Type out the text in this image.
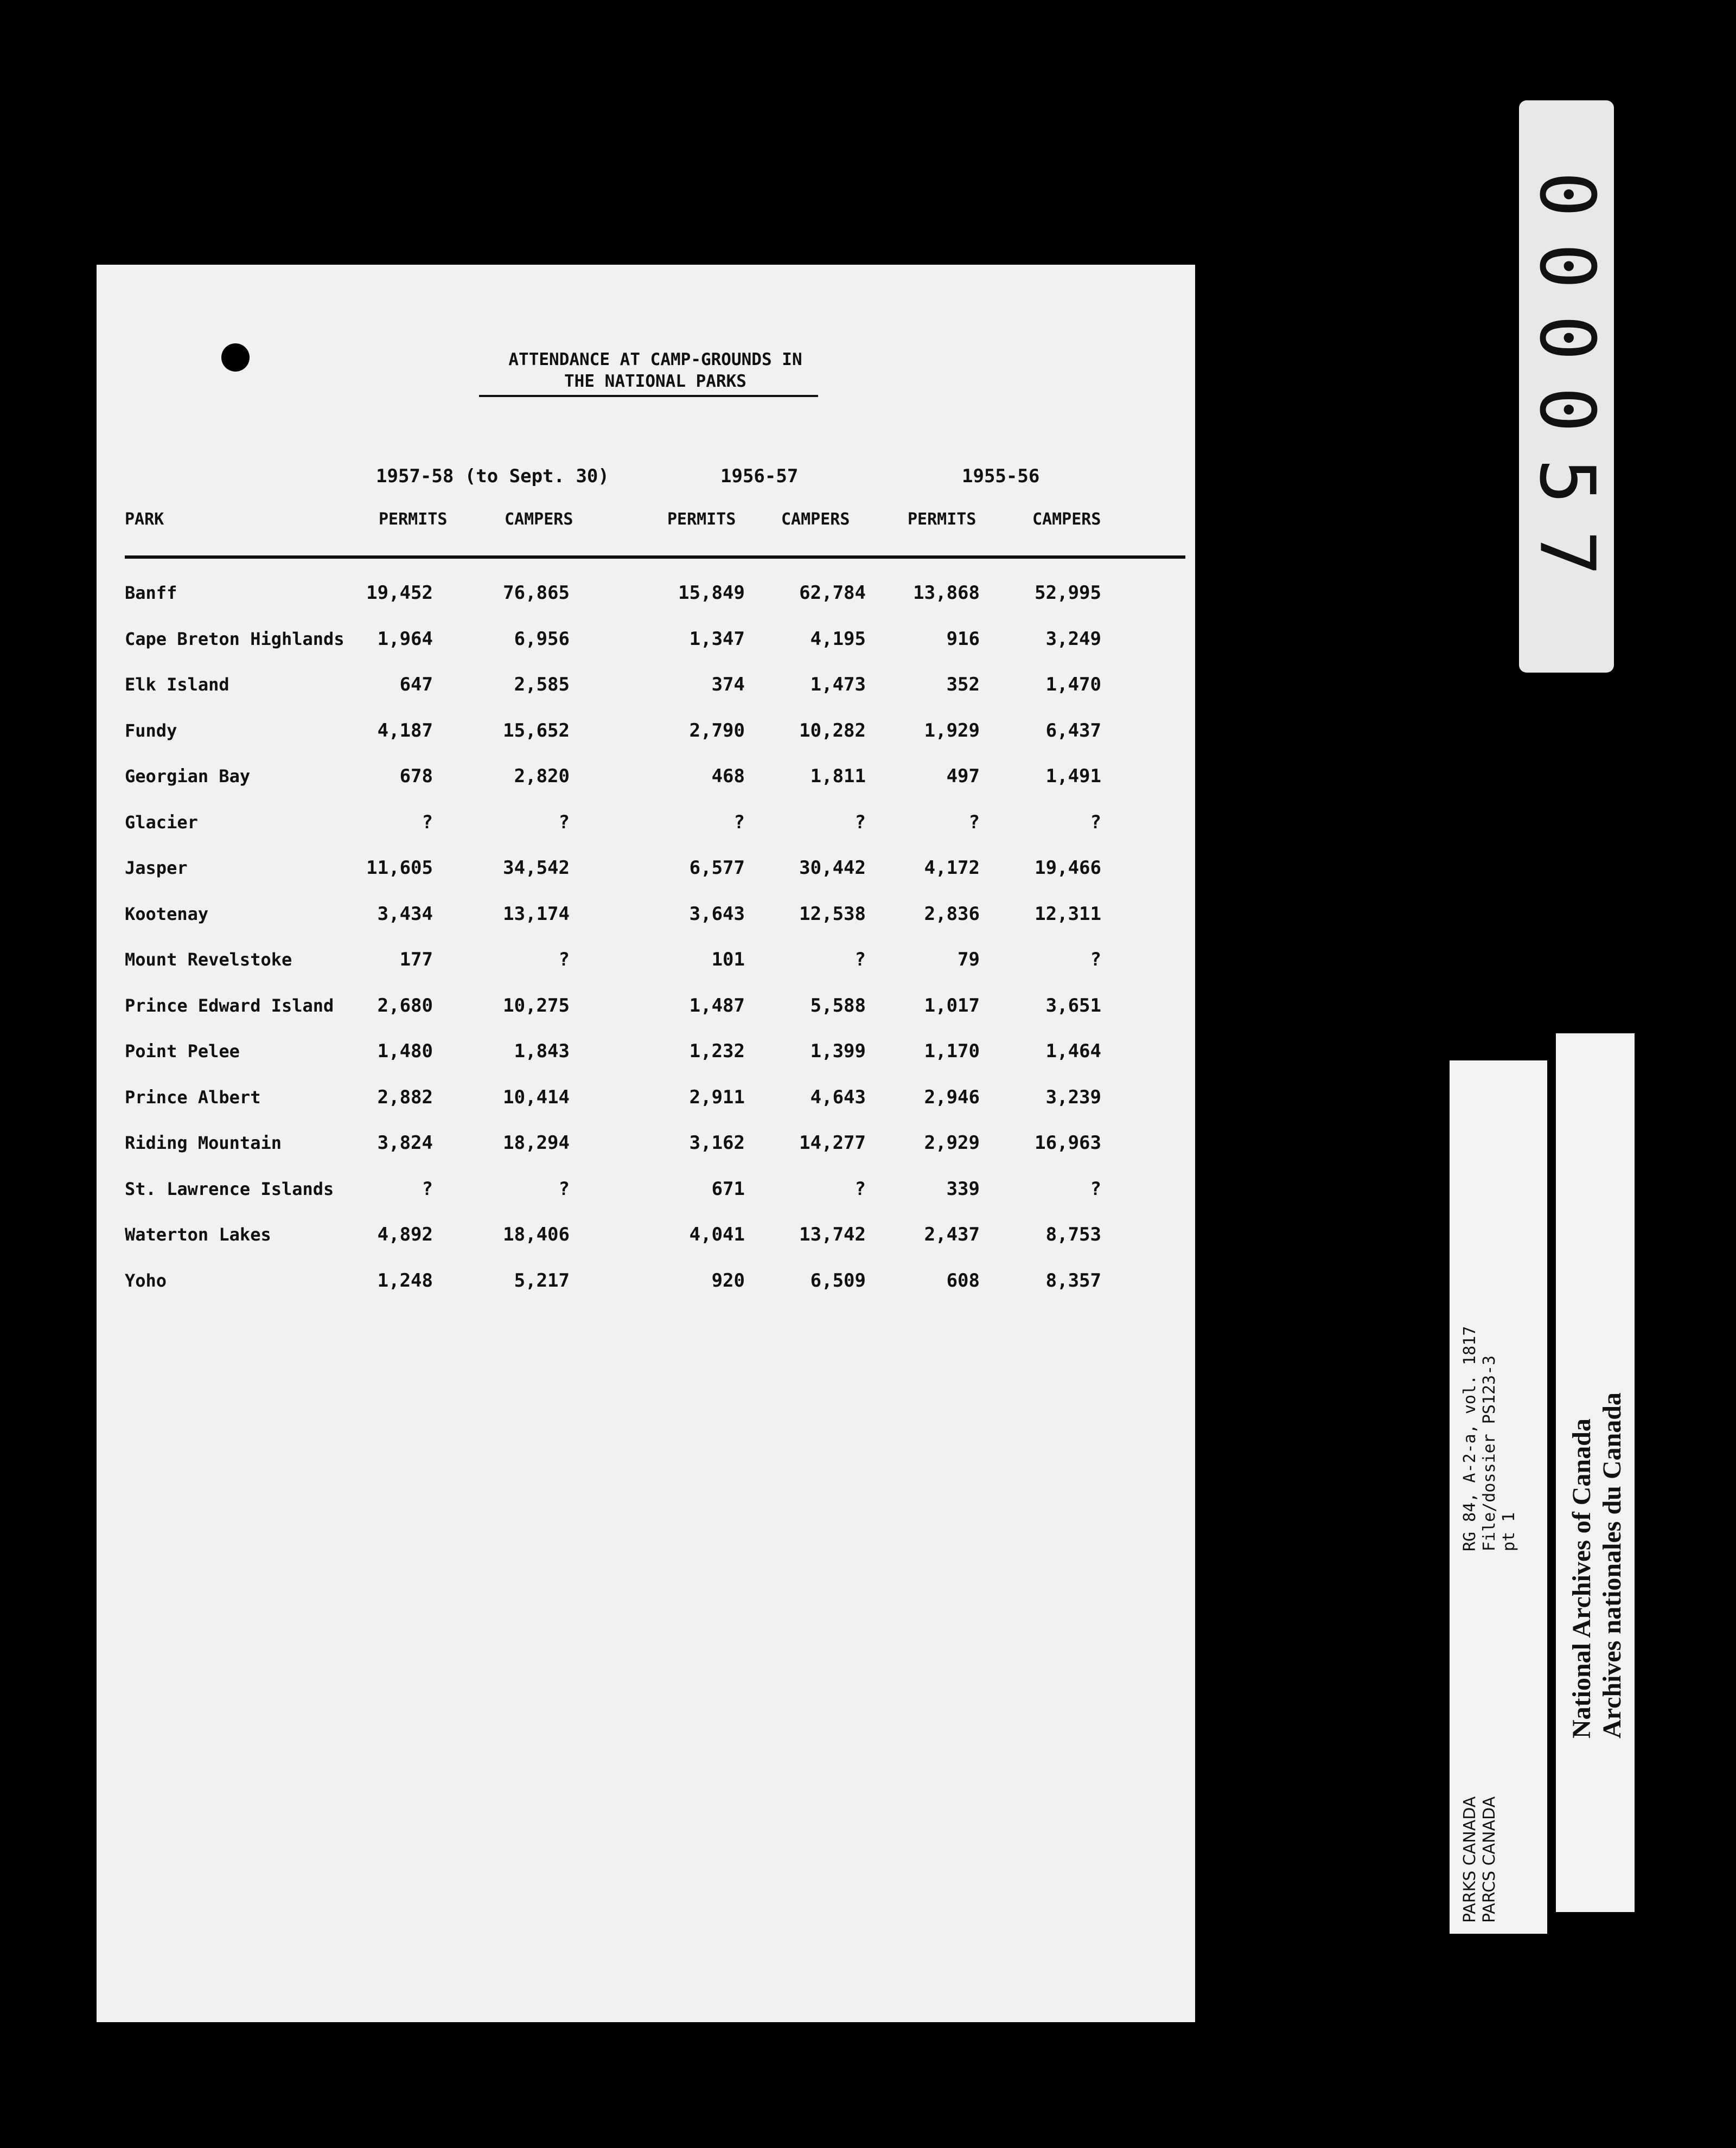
ATTENDANCE AT CAMP-GROUNDS IN
THE NATIONAL PARKS
1957-58 (to Sept. 30)	1956-57	1955-56
PARK	PERMITS	CAMPERS	PERMITS	CAMPERS	PERMITS	CAMPERS
Banff	19,452	76,865	15,849	62,784	13,868	52,995
Cape Breton Highlands	1,964	6,956	1,347	4,195	916	3,249
Elk Island	647	2,585	374	1,473	352	1,470
Fundy	4,187	15,652	2,790	10,282	1,929	6,437
Georgian Bay	678	2,820	468	1,811	497	1,491
Glacier	?	?	?	?	?	?
Jasper	11,605	34,542	6,577	30,442	4,172	19,466
Kootenay	3,434	13,174	3,643	12,538	2,836	12,311
Mount Revelstoke	177	?	101	?	79	?
Prince Edward Island	2,680	10,275	1,487	5,588	1,017	3,651
Point Pelee	1,480	1,843	1,232	1,399	1,170	1,464
Prince Albert	2,882	10,414	2,911	4,643	2,946	3,239
Riding Mountain	3,824	18,294	3,162	14,277	2,929	16,963
St. Lawrence Islands	?	?	671	?	339	?
Waterton Lakes	4,892	18,406	4,041	13,742	2,437	8,753
Yoho	1,248	5,217	920	6,509	608	8,357
000057
RG 84, A-2-a, vol. 1817 File/dossier PS123-3 pt 1
PARKS CANADA PARCS CANADA
National Archives of Canada Archives nationales du Canada
